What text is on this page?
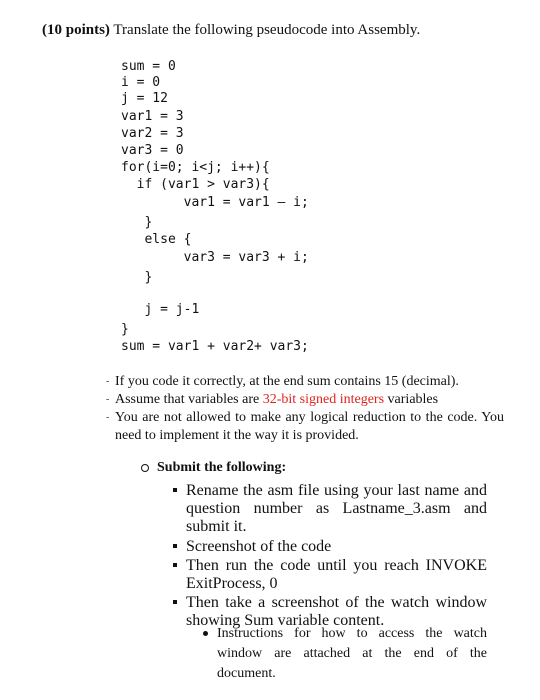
(10 points) Translate the following pseudocode into Assembly.
sum = 0
i = 0
j = 12
var1 = 3
var2 = 3
var3 = 0
for(i=0; i<j; i++){
if (var1 > var3){
var1 = var1 – i;
}
else {
var3 = var3 + i;
}
j = j-1
}
sum = var1 + var2+ var3;
- If you code it correctly, at the end sum contains 15 (decimal).
- Assume that variables are 32-bit signed integers variables
- You are not allowed to make any logical reduction to the code. You need to implement it the way it is provided.
Submit the following:
Rename the asm file using your last name and question number as Lastname_3.asm and submit it.
Screenshot of the code
Then run the code until you reach INVOKE ExitProcess, 0
Then take a screenshot of the watch window showing Sum variable content.
Instructions for how to access the watch window are attached at the end of the document.
